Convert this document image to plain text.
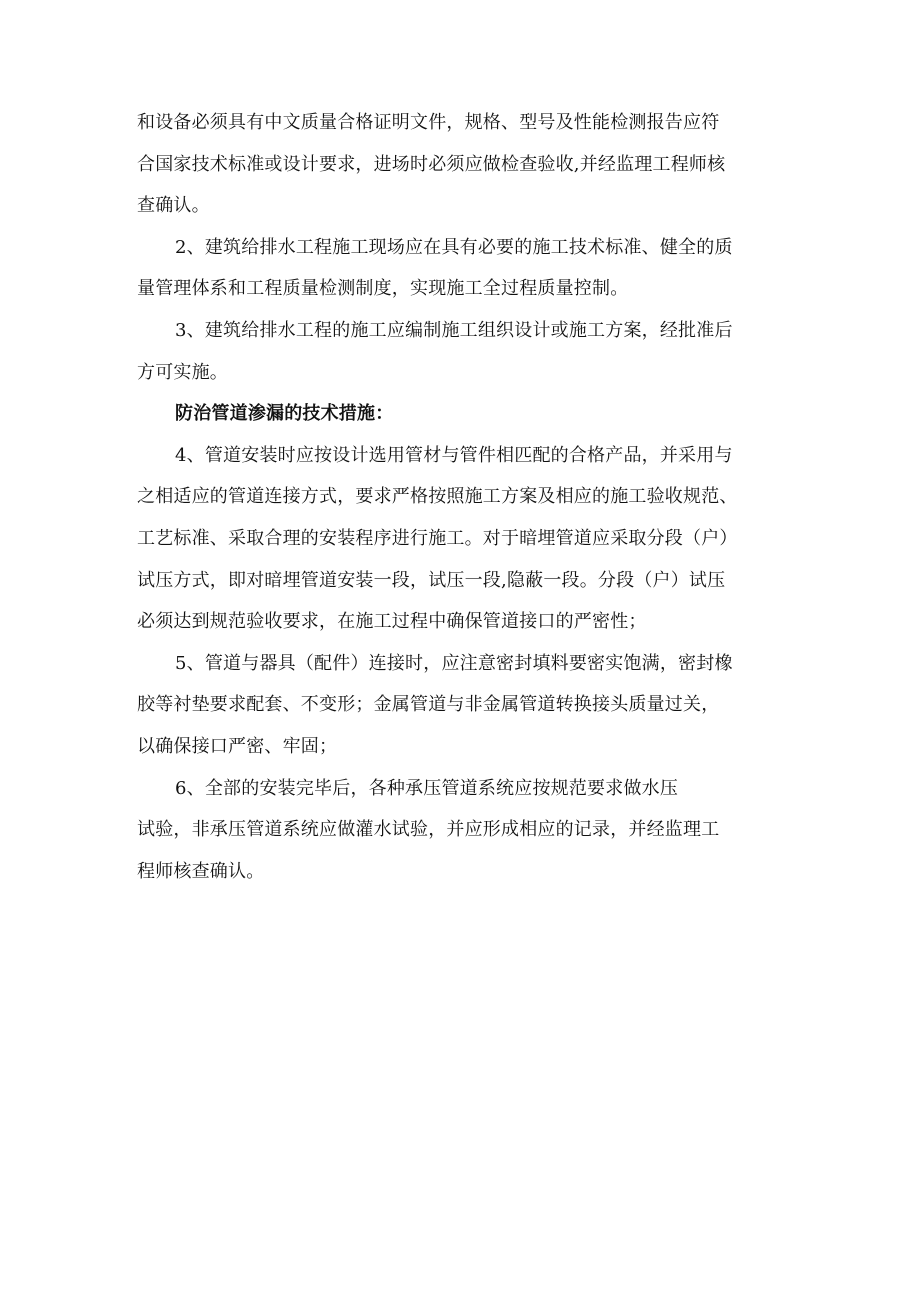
和设备必须具有中文质量合格证明文件，规格、型号及性能检测报告应符
合国家技术标准或设计要求，进场时必须应做检查验收,并经监理工程师核
查确认。

2、建筑给排水工程施工现场应在具有必要的施工技术标准、健全的质
量管理体系和工程质量检测制度，实现施工全过程质量控制。

3、建筑给排水工程的施工应编制施工组织设计或施工方案，经批准后
方可实施。

防治管道渗漏的技术措施：

4、管道安装时应按设计选用管材与管件相匹配的合格产品，并采用与
之相适应的管道连接方式，要求严格按照施工方案及相应的施工验收规范、
工艺标准、采取合理的安装程序进行施工。对于暗埋管道应采取分段（户）
试压方式，即对暗埋管道安装一段，试压一段,隐蔽一段。分段（户）试压
必须达到规范验收要求，在施工过程中确保管道接口的严密性；

5、管道与器具（配件）连接时，应注意密封填料要密实饱满，密封橡
胶等衬垫要求配套、不变形；金属管道与非金属管道转换接头质量过关，
以确保接口严密、牢固；

6、全部的安装完毕后，各种承压管道系统应按规范要求做水压
试验，非承压管道系统应做灌水试验，并应形成相应的记录，并经监理工
程师核查确认。
